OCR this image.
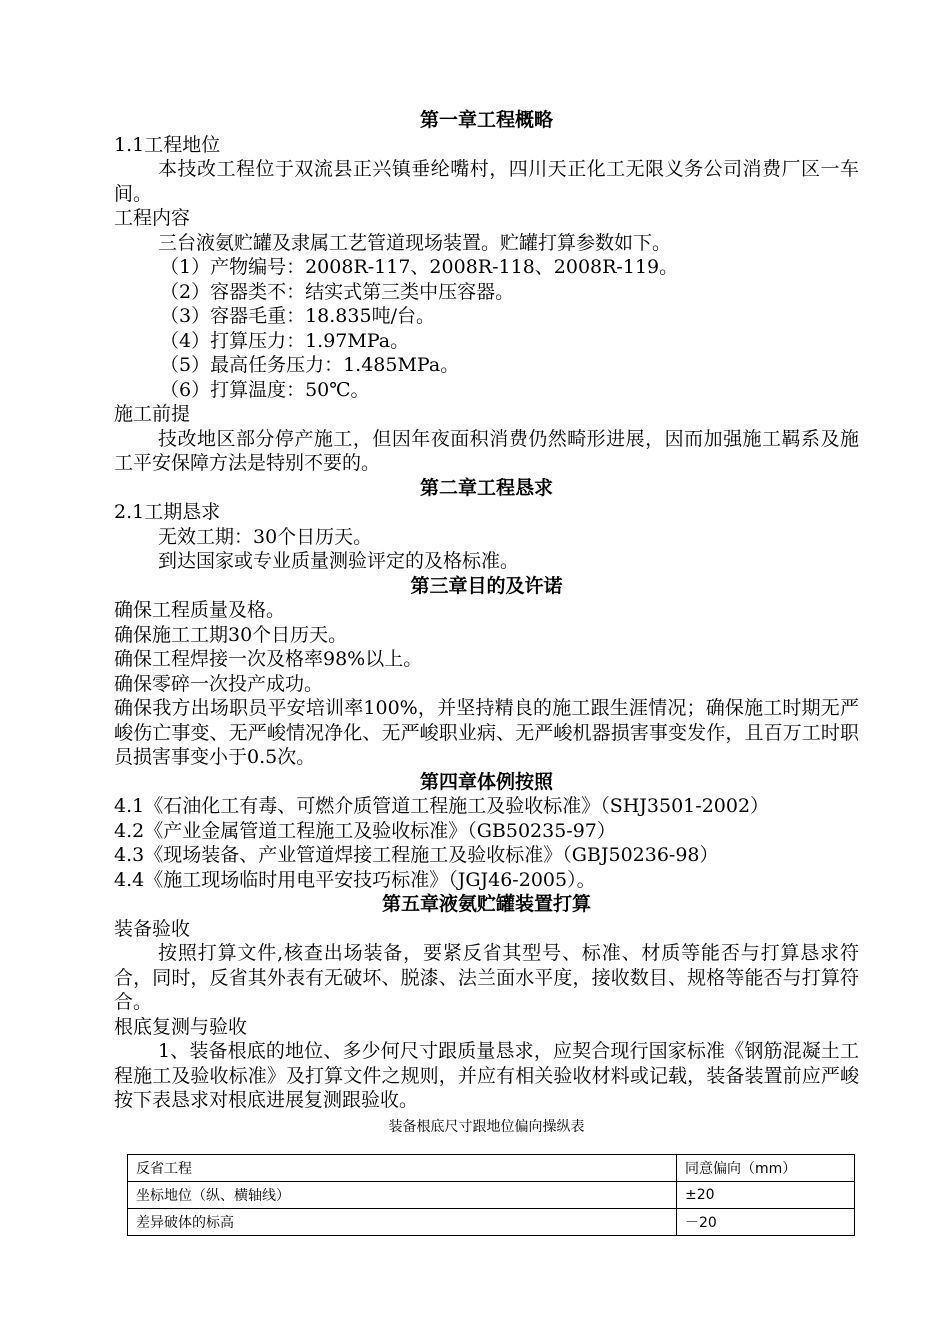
第一章工程概略
1.1工程地位
本技改工程位于双流县正兴镇垂纶嘴村，四川天正化工无限义务公司消费厂区一车间。
工程内容
三台液氨贮罐及隶属工艺管道现场装置。贮罐打算参数如下。
（1）产物编号：2008R-117、2008R-118、2008R-119。
（2）容器类不：结实式第三类中压容器。
（3）容器毛重：18.835吨/台。
（4）打算压力：1.97MPa。
（5）最高任务压力：1.485MPa。
（6）打算温度：50℃。
施工前提
技改地区部分停产施工，但因年夜面积消费仍然畸形进展，因而加强施工羁系及施工平安保障方法是特别不要的。
第二章工程恳求
2.1工期恳求
无效工期：30个日历天。
到达国家或专业质量测验评定的及格标准。
第三章目的及许诺
确保工程质量及格。
确保施工工期30个日历天。
确保工程焊接一次及格率98%以上。
确保零碎一次投产成功。
确保我方出场职员平安培训率100%，并坚持精良的施工跟生涯情况；确保施工时期无严峻伤亡事变、无严峻情况净化、无严峻职业病、无严峻机器损害事变发作，且百万工时职员损害事变小于0.5次。
第四章体例按照
4.1《石油化工有毒、可燃介质管道工程施工及验收标准》（SHJ3501-2002）
4.2《产业金属管道工程施工及验收标准》（GB50235-97）
4.3《现场装备、产业管道焊接工程施工及验收标准》（GBJ50236-98）
4.4《施工现场临时用电平安技巧标准》（JGJ46-2005）。
第五章液氨贮罐装置打算
装备验收
按照打算文件,核查出场装备，要紧反省其型号、标准、材质等能否与打算恳求符合，同时，反省其外表有无破坏、脱漆、法兰面水平度，接收数目、规格等能否与打算符合。
根底复测与验收
1、装备根底的地位、多少何尺寸跟质量恳求，应契合现行国家标准《钢筋混凝土工程施工及验收标准》及打算文件之规则，并应有相关验收材料或记载，装备装置前应严峻按下表恳求对根底进展复测跟验收。
装备根底尺寸跟地位偏向操纵表
反省工程	同意偏向（mm）
坐标地位（纵、横轴线）	±20
差异破体的标高	－20
